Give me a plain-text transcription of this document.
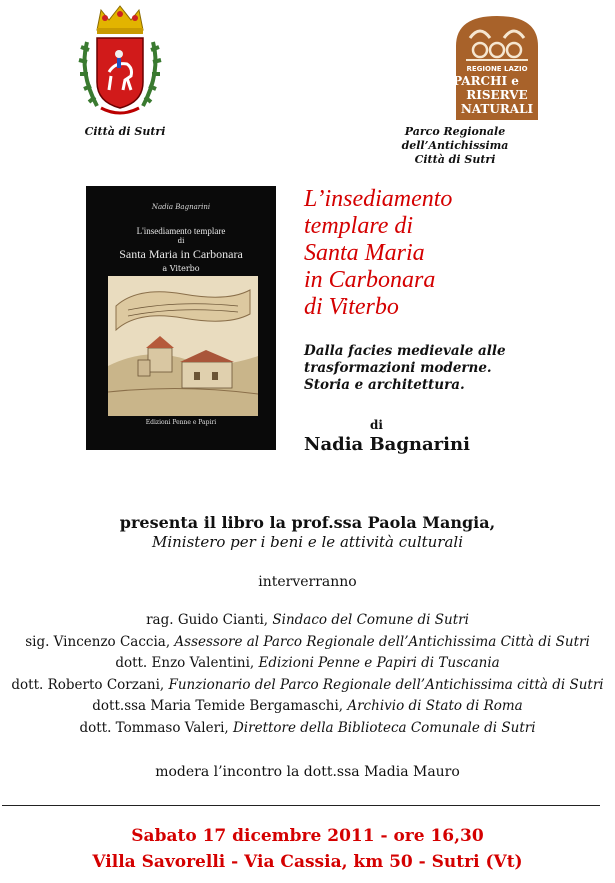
REGIONE LAZIO
PARCHI e
RISERVE
NATURALI
Città di Sutri	Parco Regionale dell’Antichissima
Città di Sutri
Nadia Bagnarini
L'insediamento templare
di
Santa Maria in Carbonara
a Viterbo
Edizioni Penne e Papiri
L’insediamento
templare di
Santa Maria
in Carbonara
di Viterbo
Dalla facies medievale alle
trasformazioni moderne.
Storia e architettura.
di
Nadia Bagnarini
presenta il libro la prof.ssa Paola Mangia,
Ministero per i beni e le attività culturali
interverranno
rag. Guido Cianti, Sindaco del Comune di Sutri
sig. Vincenzo Caccia, Assessore al Parco Regionale dell’Antichissima Città di Sutri
dott. Enzo Valentini, Edizioni Penne e Papiri di Tuscania
dott. Roberto Corzani, Funzionario del Parco Regionale dell’Antichissima città di Sutri
dott.ssa Maria Temide Bergamaschi, Archivio di Stato di Roma
dott. Tommaso Valeri, Direttore della Biblioteca Comunale di Sutri
modera l’incontro la dott.ssa Madia Mauro
Sabato 17 dicembre 2011 - ore 16,30
Villa Savorelli - Via Cassia, km 50 - Sutri (Vt)
